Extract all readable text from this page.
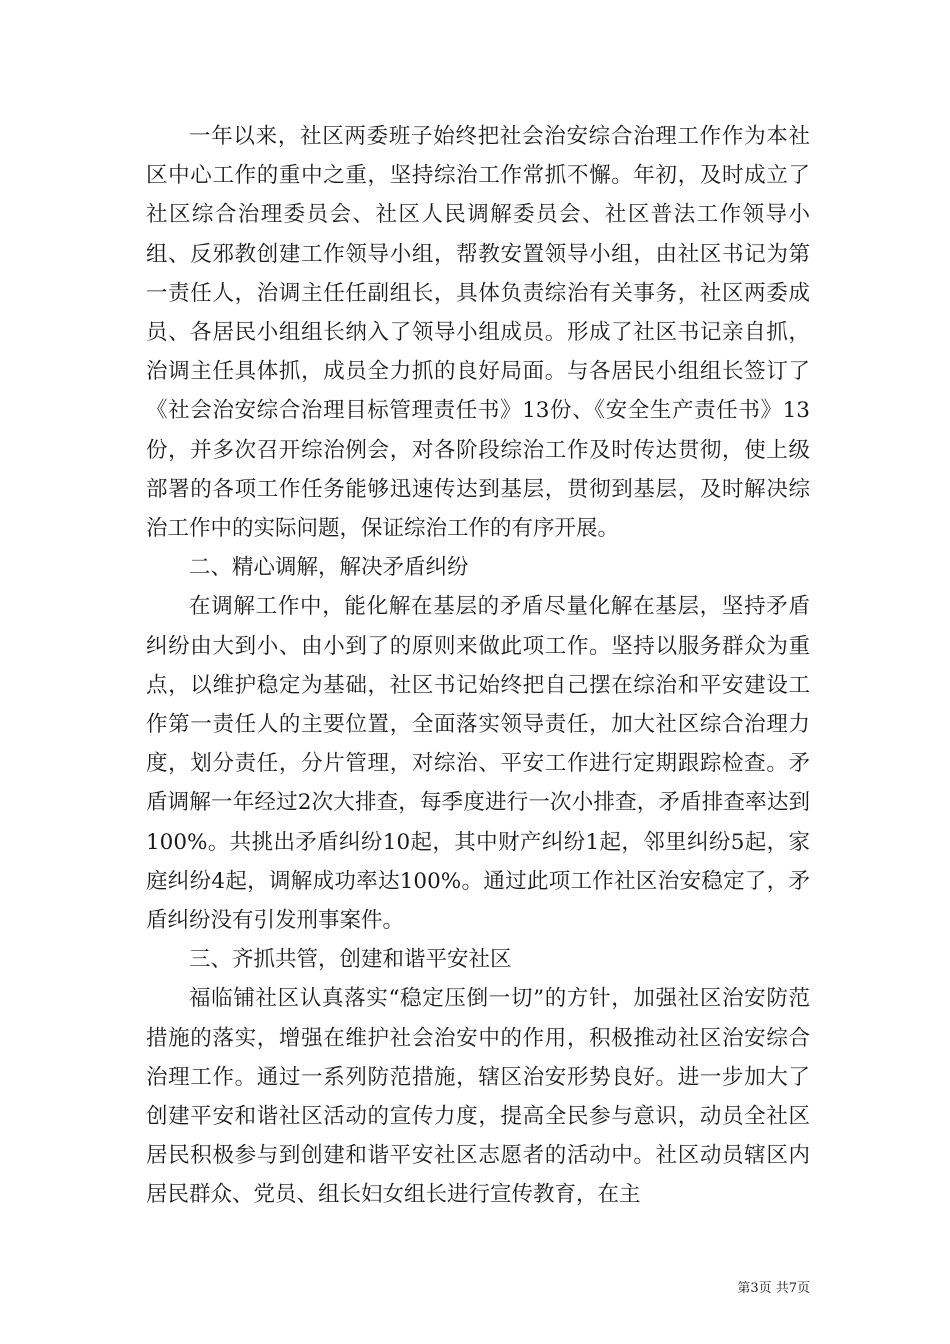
一年以来，社区两委班子始终把社会治安综合治理工作作为本社区中心工作的重中之重，坚持综治工作常抓不懈。年初，及时成立了社区综合治理委员会、社区人民调解委员会、社区普法工作领导小组、反邪教创建工作领导小组，帮教安置领导小组，由社区书记为第一责任人，治调主任任副组长，具体负责综治有关事务，社区两委成员、各居民小组组长纳入了领导小组成员。形成了社区书记亲自抓，治调主任具体抓，成员全力抓的良好局面。与各居民小组组长签订了《社会治安综合治理目标管理责任书》13份、《安全生产责任书》13份，并多次召开综治例会，对各阶段综治工作及时传达贯彻，使上级部署的各项工作任务能够迅速传达到基层，贯彻到基层，及时解决综治工作中的实际问题，保证综治工作的有序开展。

二、精心调解，解决矛盾纠纷

在调解工作中，能化解在基层的矛盾尽量化解在基层，坚持矛盾纠纷由大到小、由小到了的原则来做此项工作。坚持以服务群众为重点，以维护稳定为基础，社区书记始终把自己摆在综治和平安建设工作第一责任人的主要位置，全面落实领导责任，加大社区综合治理力度，划分责任，分片管理，对综治、平安工作进行定期跟踪检查。矛盾调解一年经过2次大排查，每季度进行一次小排查，矛盾排查率达到100%。共挑出矛盾纠纷10起，其中财产纠纷1起，邻里纠纷5起，家庭纠纷4起，调解成功率达100%。通过此项工作社区治安稳定了，矛盾纠纷没有引发刑事案件。

三、齐抓共管，创建和谐平安社区

福临铺社区认真落实“稳定压倒一切”的方针，加强社区治安防范措施的落实，增强在维护社会治安中的作用，积极推动社区治安综合治理工作。通过一系列防范措施，辖区治安形势良好。进一步加大了创建平安和谐社区活动的宣传力度，提高全民参与意识，动员全社区居民积极参与到创建和谐平安社区志愿者的活动中。社区动员辖区内居民群众、党员、组长妇女组长进行宣传教育，在主

第3页 共7页
